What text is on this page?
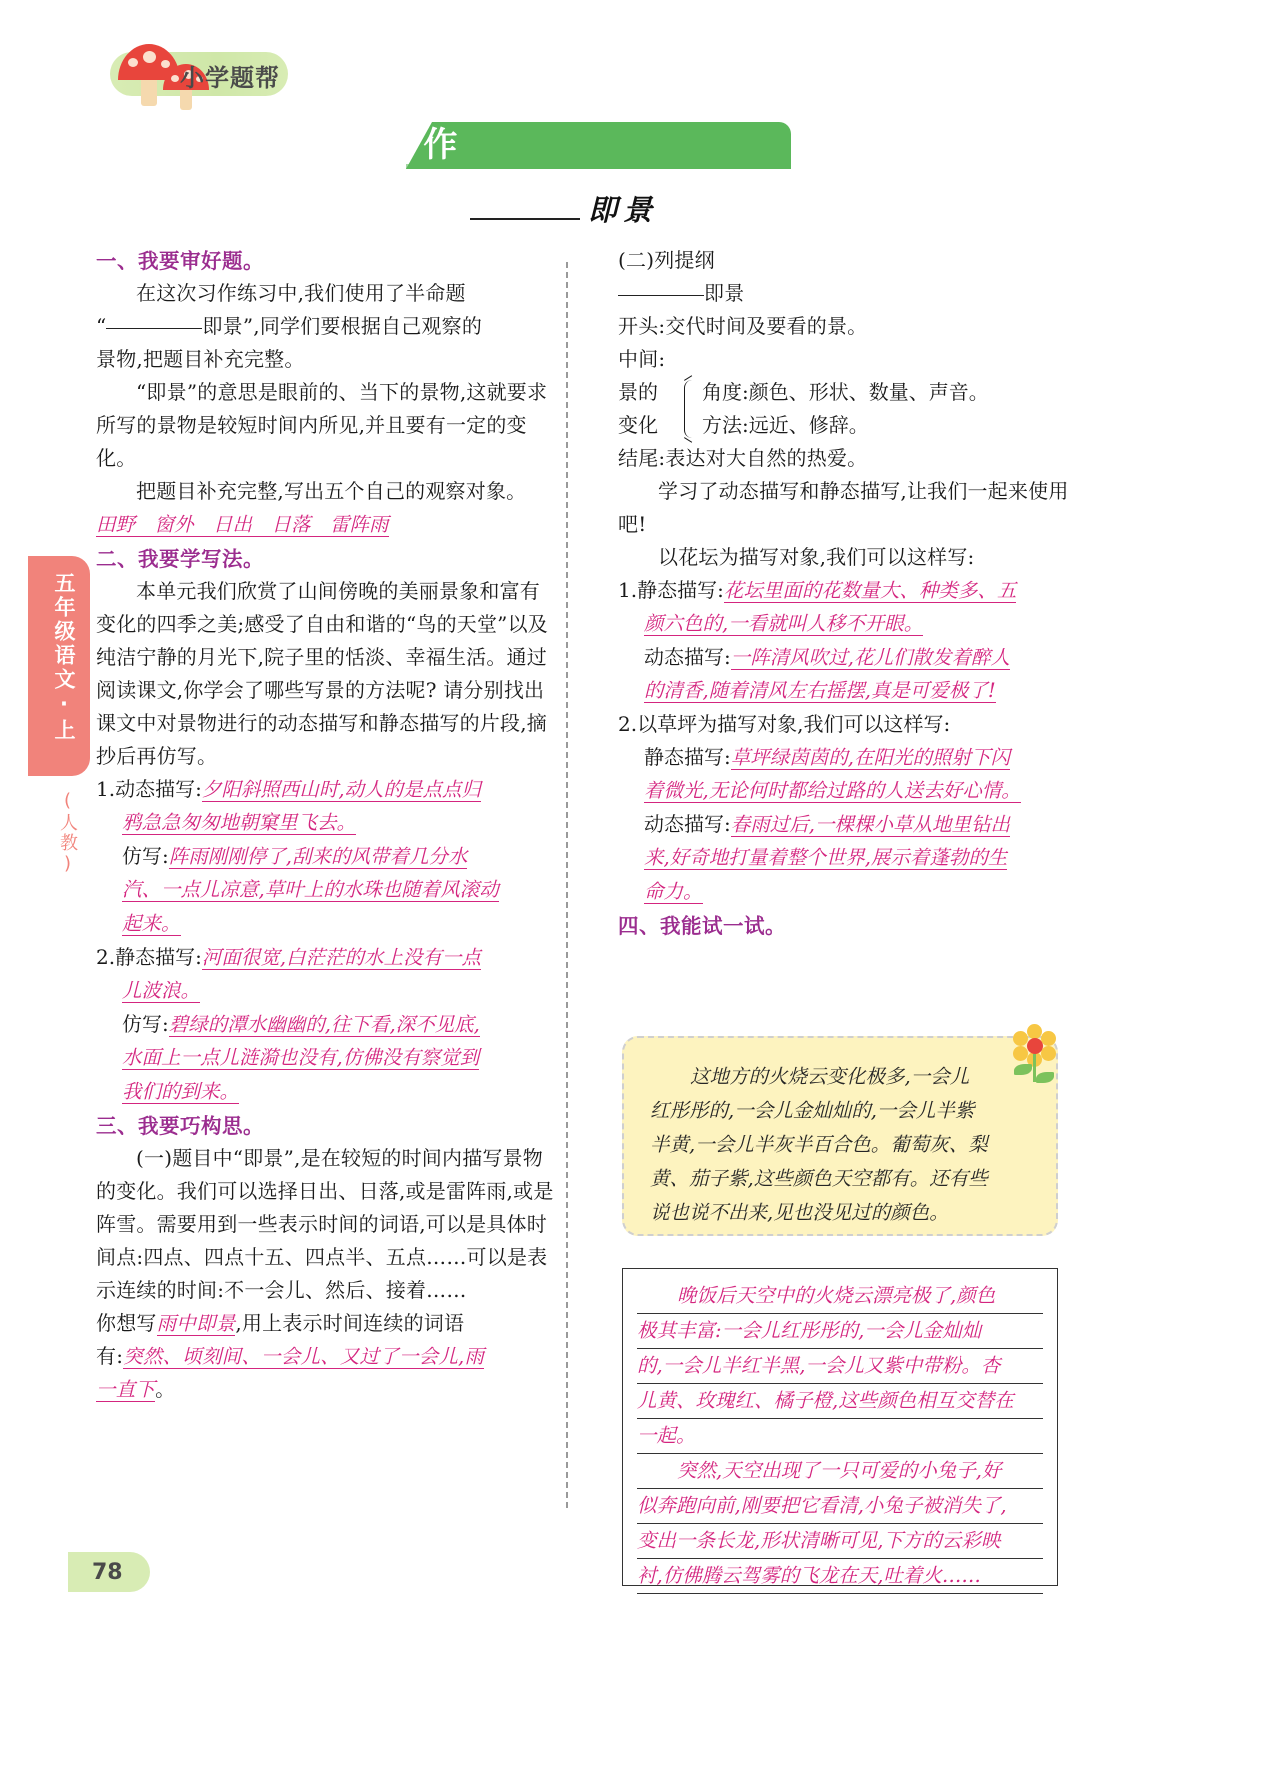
小学题帮
习 作
即景
五年级语文·上
(人教)
一、我要审好题。

在这次习作练习中,我们使用了半命题

“	即景”,同学们要根据自己观察的

景物,把题目补充完整。

“即景”的意思是眼前的、当下的景物,这就要求所写的景物是较短时间内所见,并且要有一定的变化。

把题目补充完整,写出五个自己的观察对象。

田野　窗外　日出　日落　雷阵雨

二、我要学写法。

本单元我们欣赏了山间傍晚的美丽景象和富有变化的四季之美;感受了自由和谐的“鸟的天堂”以及纯洁宁静的月光下,院子里的恬淡、幸福生活。通过阅读课文,你学会了哪些写景的方法呢? 请分别找出课文中对景物进行的动态描写和静态描写的片段,摘抄后再仿写。

1.动态描写:夕阳斜照西山时,动人的是点点归

鸦急急匆匆地朝窠里飞去。

仿写:阵雨刚刚停了,刮来的风带着几分水

汽、一点儿凉意,草叶上的水珠也随着风滚动

起来。

2.静态描写:河面很宽,白茫茫的水上没有一点

儿波浪。

仿写:碧绿的潭水幽幽的,往下看,深不见底,

水面上一点儿涟漪也没有,仿佛没有察觉到

我们的到来。

三、我要巧构思。

(一)题目中“即景”,是在较短的时间内描写景物的变化。我们可以选择日出、日落,或是雷阵雨,或是阵雪。需要用到一些表示时间的词语,可以是具体时间点:四点、四点十五、四点半、五点……可以是表示连续的时间:不一会儿、然后、接着……

你想写雨中即景,用上表示时间连续的词语

有:突然、顷刻间、一会儿、又过了一会儿,雨

一直下。

(二)列提纲

即景

开头:交代时间及要看的景。

中间:

景的
变化
角度:颜色、形状、数量、声音。
方法:远近、修辞。

结尾:表达对大自然的热爱。

学习了动态描写和静态描写,让我们一起来使用吧!

以花坛为描写对象,我们可以这样写:

1.静态描写:花坛里面的花数量大、种类多、五

颜六色的,一看就叫人移不开眼。

动态描写:一阵清风吹过,花儿们散发着醉人

的清香,随着清风左右摇摆,真是可爱极了!

2.以草坪为描写对象,我们可以这样写:

静态描写:草坪绿茵茵的,在阳光的照射下闪

着微光,无论何时都给过路的人送去好心情。

动态描写:春雨过后,一棵棵小草从地里钻出

来,好奇地打量着整个世界,展示着蓬勃的生

命力。

四、我能试一试。

这地方的火烧云变化极多,一会儿

红彤彤的,一会儿金灿灿的,一会儿半紫

半黄,一会儿半灰半百合色。葡萄灰、梨

黄、茄子紫,这些颜色天空都有。还有些

说也说不出来,见也没见过的颜色。

晚饭后天空中的火烧云漂亮极了,颜色

极其丰富:一会儿红彤彤的,一会儿金灿灿

的,一会儿半红半黑,一会儿又紫中带粉。杏

儿黄、玫瑰红、橘子橙,这些颜色相互交替在

一起。

突然,天空出现了一只可爱的小兔子,好

似奔跑向前,刚要把它看清,小兔子被消失了,

变出一条长龙,形状清晰可见,下方的云彩映

衬,仿佛腾云驾雾的飞龙在天,吐着火……

78
